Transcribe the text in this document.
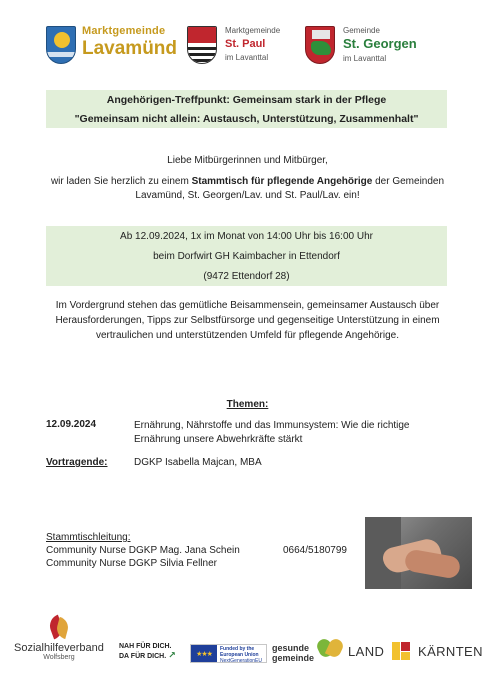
Marktgemeinde
Lavamünd
Marktgemeinde
St. Paul
im Lavanttal
Gemeinde
St. Georgen
im Lavanttal
Angehörigen-Treffpunkt: Gemeinsam stark in der Pflege
"Gemeinsam nicht allein: Austausch, Unterstützung, Zusammenhalt"
Liebe Mitbürgerinnen und Mitbürger,
wir laden Sie herzlich zu einem Stammtisch für pflegende Angehörige der Gemeinden Lavamünd, St. Georgen/Lav. und St. Paul/Lav. ein!
Ab 12.09.2024, 1x im Monat von 14:00 Uhr bis 16:00 Uhr
beim Dorfwirt GH Kaimbacher in Ettendorf
(9472 Ettendorf 28)
Im Vordergrund stehen das gemütliche Beisammensein, gemeinsamer Austausch über Herausforderungen, Tipps zur Selbstfürsorge und gegenseitige Unterstützung in einem vertraulichen und unterstützenden Umfeld für pflegende Angehörige.
Themen:
12.09.2024	Ernährung, Nährstoffe und das Immunsystem: Wie die richtige Ernährung unsere Abwehrkräfte stärkt
Vortragende:	DGKP Isabella Majcan, MBA
Stammtischleitung:
Community Nurse DGKP Mag. Jana Schein	0664/5180799
Community Nurse DGKP Silvia Fellner
Sozialhilfeverband
Wolfsberg
NAH FÜR DICH.
DA FÜR DICH. ↗	★★★
Funded by the
European Union
NextGenerationEU
gesunde
gemeinde	LAND	KÄRNTEN
